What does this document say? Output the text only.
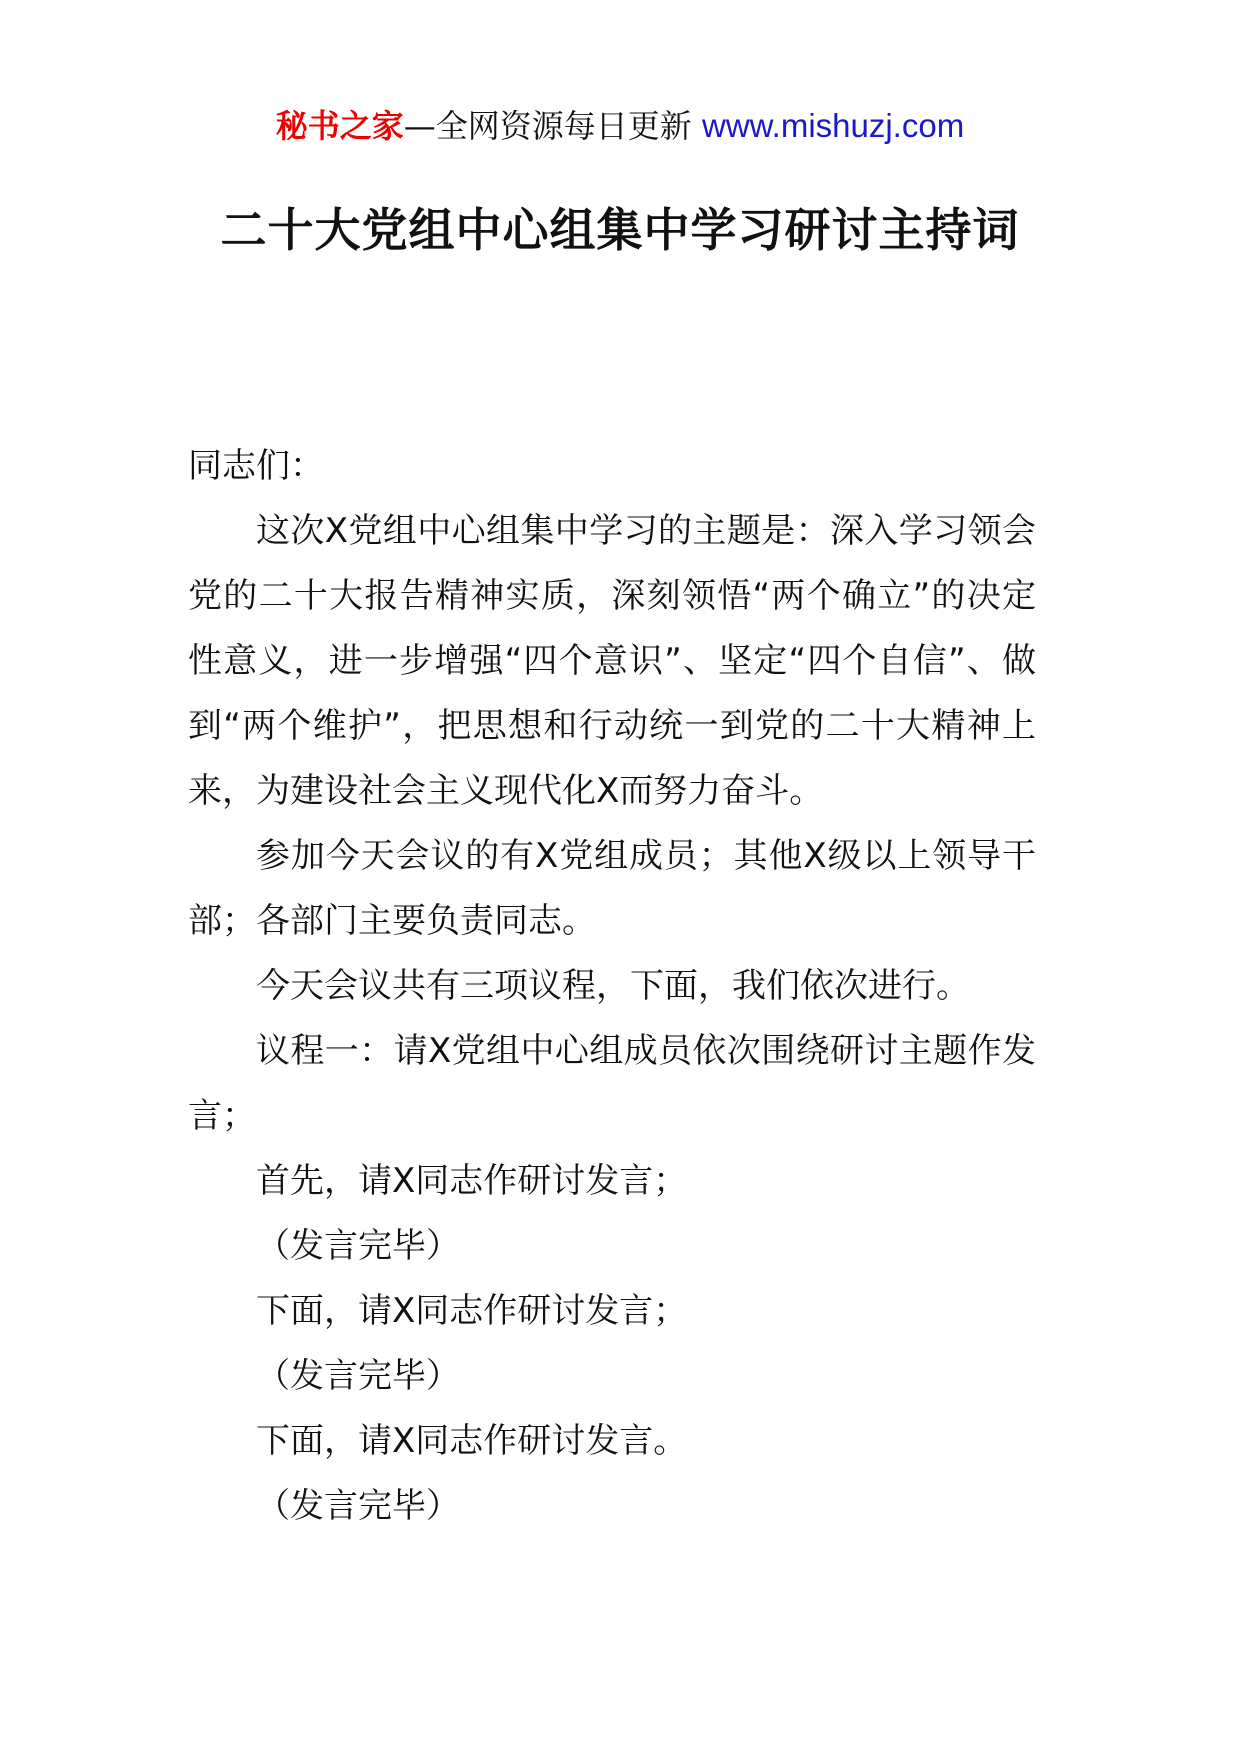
秘书之家—全网资源每日更新 www.mishuzj.com
二十大党组中心组集中学习研讨主持词

同志们：

这次X党组中心组集中学习的主题是：深入学习领会党的二十大报告精神实质，深刻领悟“两个确立”的决定性意义，进一步增强“四个意识”、坚定“四个自信”、做到“两个维护”，把思想和行动统一到党的二十大精神上来，为建设社会主义现代化X而努力奋斗。

参加今天会议的有X党组成员；其他X级以上领导干部；各部门主要负责同志。

今天会议共有三项议程，下面，我们依次进行。

议程一：请X党组中心组成员依次围绕研讨主题作发言；

首先，请X同志作研讨发言；

（发言完毕）

下面，请X同志作研讨发言；

（发言完毕）

下面，请X同志作研讨发言。

（发言完毕）
